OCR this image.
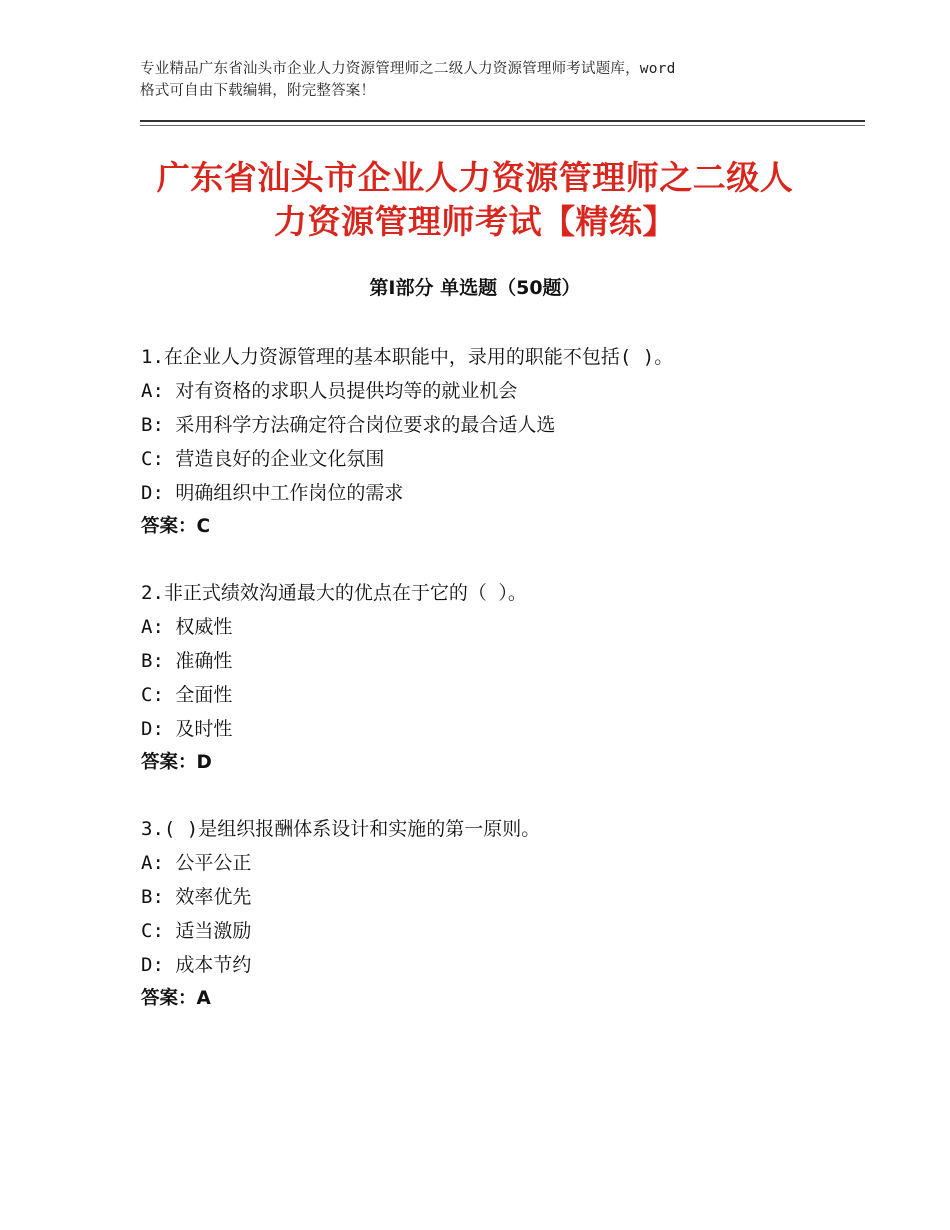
专业精品广东省汕头市企业人力资源管理师之二级人力资源管理师考试题库，word
格式可自由下载编辑，附完整答案！
广东省汕头市企业人力资源管理师之二级人
力资源管理师考试【精练】
第Ⅰ部分 单选题（50题）
1.在企业人力资源管理的基本职能中，录用的职能不包括( )。
A: 对有资格的求职人员提供均等的就业机会
B: 采用科学方法确定符合岗位要求的最合适人选
C: 营造良好的企业文化氛围
D: 明确组织中工作岗位的需求
答案：C
2.非正式绩效沟通最大的优点在于它的（ ）。
A: 权威性
B: 准确性
C: 全面性
D: 及时性
答案：D
3.( )是组织报酬体系设计和实施的第一原则。
A: 公平公正
B: 效率优先
C: 适当激励
D: 成本节约
答案：A
